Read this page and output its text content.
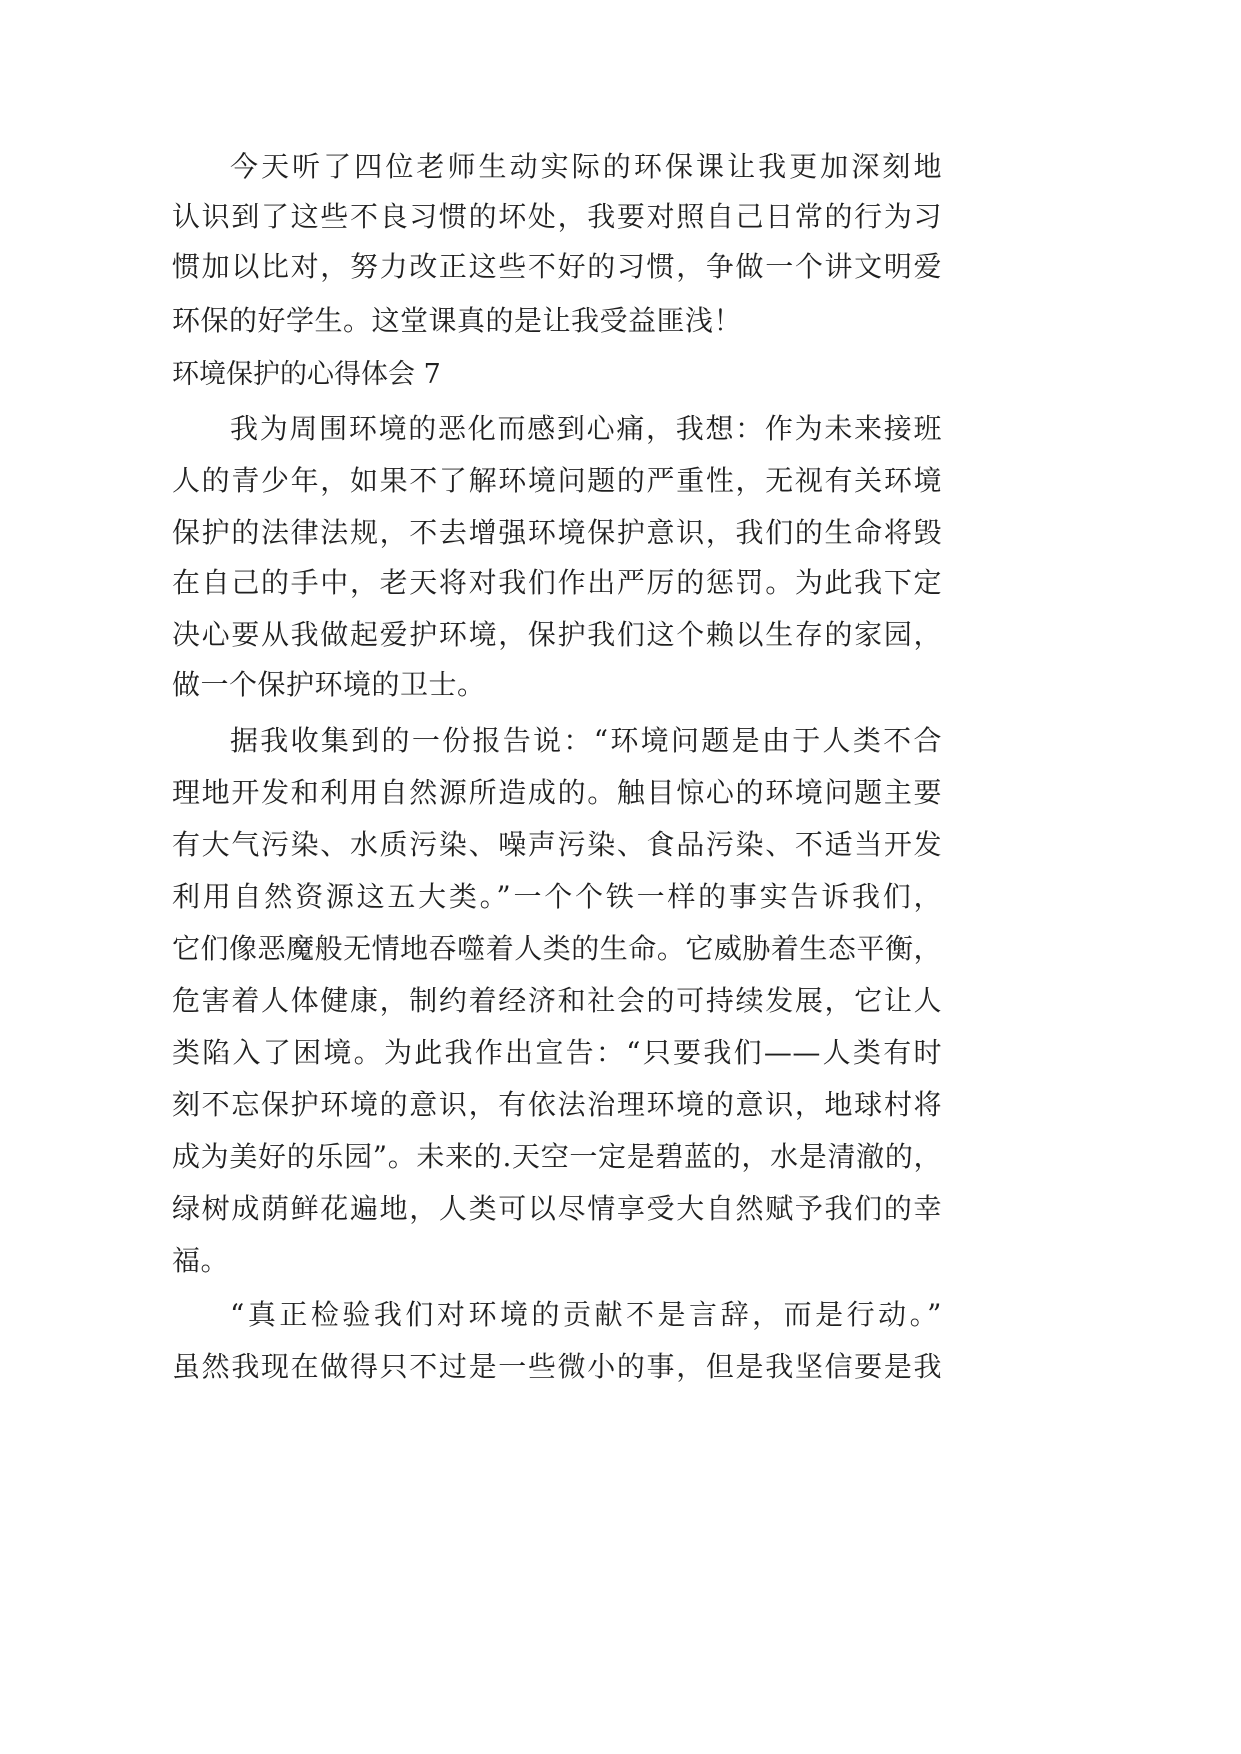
今天听了四位老师生动实际的环保课让我更加深刻地
认识到了这些不良习惯的坏处，我要对照自己日常的行为习
惯加以比对，努力改正这些不好的习惯，争做一个讲文明爱
环保的好学生。这堂课真的是让我受益匪浅！
环境保护的心得体会 7
我为周围环境的恶化而感到心痛，我想：作为未来接班
人的青少年，如果不了解环境问题的严重性，无视有关环境
保护的法律法规，不去增强环境保护意识，我们的生命将毁
在自己的手中，老天将对我们作出严厉的惩罚。为此我下定
决心要从我做起爱护环境，保护我们这个赖以生存的家园，
做一个保护环境的卫士。
据我收集到的一份报告说：“环境问题是由于人类不合
理地开发和利用自然源所造成的。触目惊心的环境问题主要
有大气污染、水质污染、噪声污染、食品污染、不适当开发
利用自然资源这五大类。”一个个铁一样的事实告诉我们，
它们像恶魔般无情地吞噬着人类的生命。它威胁着生态平衡，
危害着人体健康，制约着经济和社会的可持续发展，它让人
类陷入了困境。为此我作出宣告：“只要我们——人类有时
刻不忘保护环境的意识，有依法治理环境的意识，地球村将
成为美好的乐园”。未来的.天空一定是碧蓝的，水是清澈的，
绿树成荫鲜花遍地，人类可以尽情享受大自然赋予我们的幸
福。
“真正检验我们对环境的贡献不是言辞，而是行动。”
虽然我现在做得只不过是一些微小的事，但是我坚信要是我
